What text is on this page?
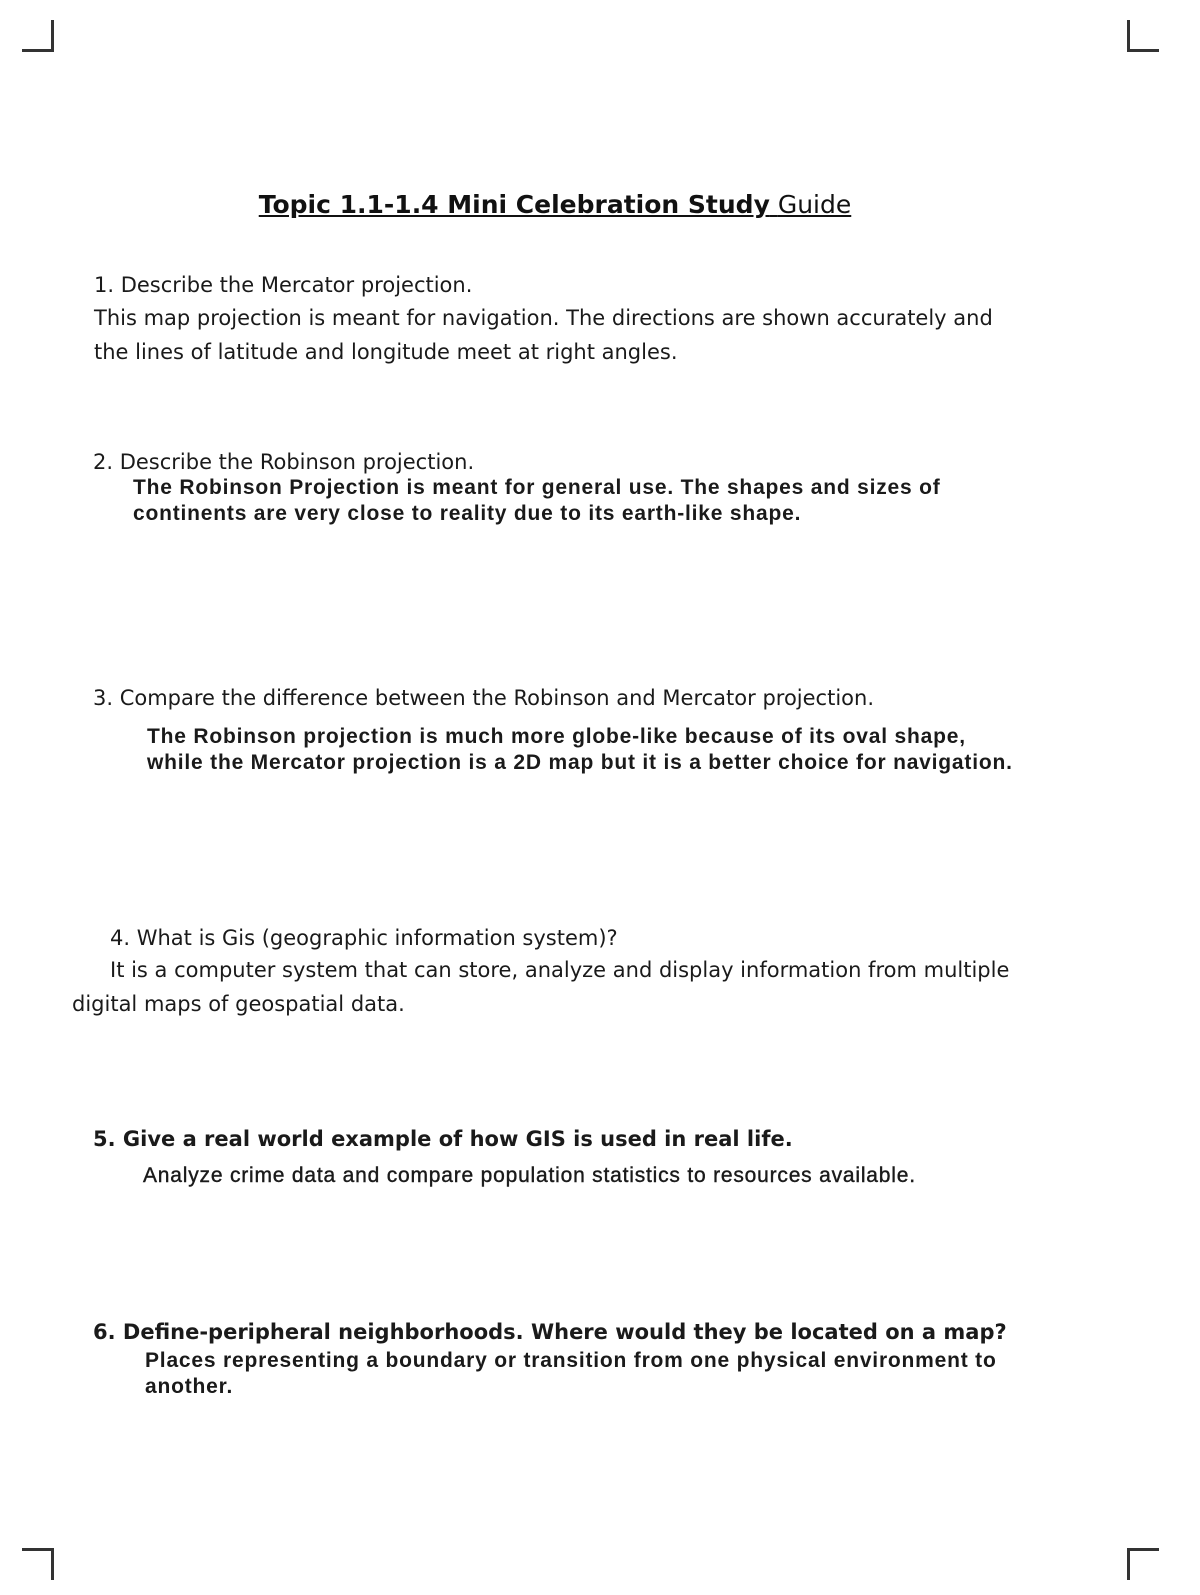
Topic 1.1-1.4 Mini Celebration Study Guide
1. Describe the Mercator projection.
This map projection is meant for navigation. The directions are shown accurately and the lines of latitude and longitude meet at right angles.
2. Describe the Robinson projection.
The Robinson Projection is meant for general use. The shapes and sizes of continents are very close to reality due to its earth-like shape.
3. Compare the difference between the Robinson and Mercator projection.
The Robinson projection is much more globe-like because of its oval shape, while the Mercator projection is a 2D map but it is a better choice for navigation.
4. What is Gis (geographic information system)?
It is a computer system that can store, analyze and display information from multiple digital maps of geospatial data.
5. Give a real world example of how GIS is used in real life.
Analyze crime data and compare population statistics to resources available.
6. Define-peripheral neighborhoods. Where would they be located on a map?
Places representing a boundary or transition from one physical environment to another.
